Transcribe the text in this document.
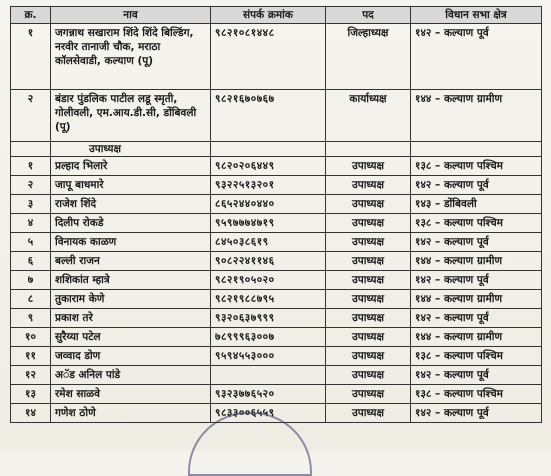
क्र.	नाव	संपर्क क्रमांक	पद	विधान सभा क्षेत्र
१	जगन्नाथ सखाराम शिंदे शिंदे बिल्डिंग, नरवीर तानाजी चौक, मराठा कॉलसेवाडी, कल्याण (पू)	९८२१०८१४४८	जिल्हाध्यक्ष	१४२ – कल्याण पूर्व
२	बंडार पुंडलिक पाटील लडू स्मृती, गोलीवली, एम.आय.डी.सी, डोंबिवली (पू)	९८२१६७०७६७	कार्याध्यक्ष	१४४ – कल्याण ग्रामीण
	उपाध्यक्ष			
१	प्रल्हाद भिलारे	९८२०२०६४४९	उपाध्यक्ष	१३८ – कल्याण पश्चिम
२	जापू बाधमारे	९३२२५१३२०१	उपाध्यक्ष	१४२ – कल्याण पूर्व
३	राजेश शिंदे	८६५२४४०४४०	उपाध्यक्ष	१४३ – डोंबिवली
४	दिलीप रोकडे	९५९७७७४७१९	उपाध्यक्ष	१३८ – कल्याण पश्चिम
५	विनायक काळण	८४५०३८६१९	उपाध्यक्ष	१४२ – कल्याण पूर्व
६	बल्ली राजन	९०८२२४११४६	उपाध्यक्ष	१४४ – कल्याण ग्रामीण
७	शशिकांत म्हात्रे	९८२१९०५०२०	उपाध्यक्ष	१४२ – कल्याण पूर्व
८	तुकाराम केणे	९८२१९८८७९५	उपाध्यक्ष	१४४ – कल्याण ग्रामीण
९	प्रकाश तरे	९३२०६३७९९९	उपाध्यक्ष	१४२ – कल्याण पूर्व
१०	सुरैय्या पटेल	७८९९९६३००७	उपाध्यक्ष	१४४ – कल्याण ग्रामीण
११	जव्वाद डोण	९५९४५५३०००	उपाध्यक्ष	१३८ – कल्याण पश्चिम
१२	अॅड अनिल पांडे		उपाध्यक्ष	१४२ – कल्याण पूर्व
१३	रमेश साळवे	९३२३७७६५२०	उपाध्यक्ष	१३८ – कल्याण पश्चिम
१४	गणेश ठोणे	९८३३००६५५९	उपाध्यक्ष	१४२ – कल्याण पूर्व
